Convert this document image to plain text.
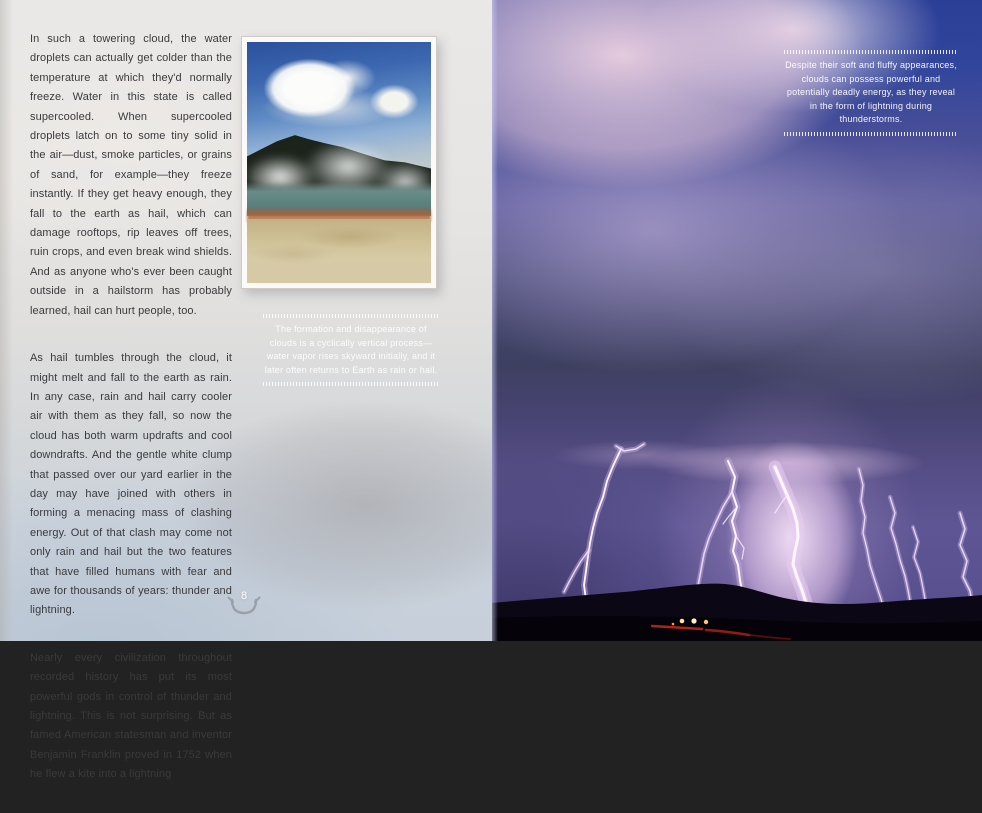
In such a towering cloud, the water droplets can actually get colder than the temperature at which they'd normally freeze. Water in this state is called supercooled. When supercooled droplets latch on to some tiny solid in the air—dust, smoke particles, or grains of sand, for example—they freeze instantly. If they get heavy enough, they fall to the earth as hail, which can damage rooftops, rip leaves off trees, ruin crops, and even break wind shields. And as anyone who's ever been caught outside in a hailstorm has probably learned, hail can hurt people, too.

As hail tumbles through the cloud, it might melt and fall to the earth as rain. In any case, rain and hail carry cooler air with them as they fall, so now the cloud has both warm updrafts and cool downdrafts. And the gentle white clump that passed over our yard earlier in the day may have joined with others in forming a menacing mass of clashing energy. Out of that clash may come not only rain and hail but the two features that have filled humans with fear and awe for thousands of years: thunder and lightning.

Nearly every civilization throughout recorded history has put its most powerful gods in control of thunder and lightning. This is not surprising. But as famed American statesman and inventor Benjamin Franklin proved in 1752 when he flew a kite into a lightning

The formation and disappearance of clouds is a cyclically vertical process—water vapor rises skyward initially, and it later often returns to Earth as rain or hail.

8

Despite their soft and fluffy appearances, clouds can possess powerful and potentially deadly energy, as they reveal in the form of lightning during thunderstorms.
